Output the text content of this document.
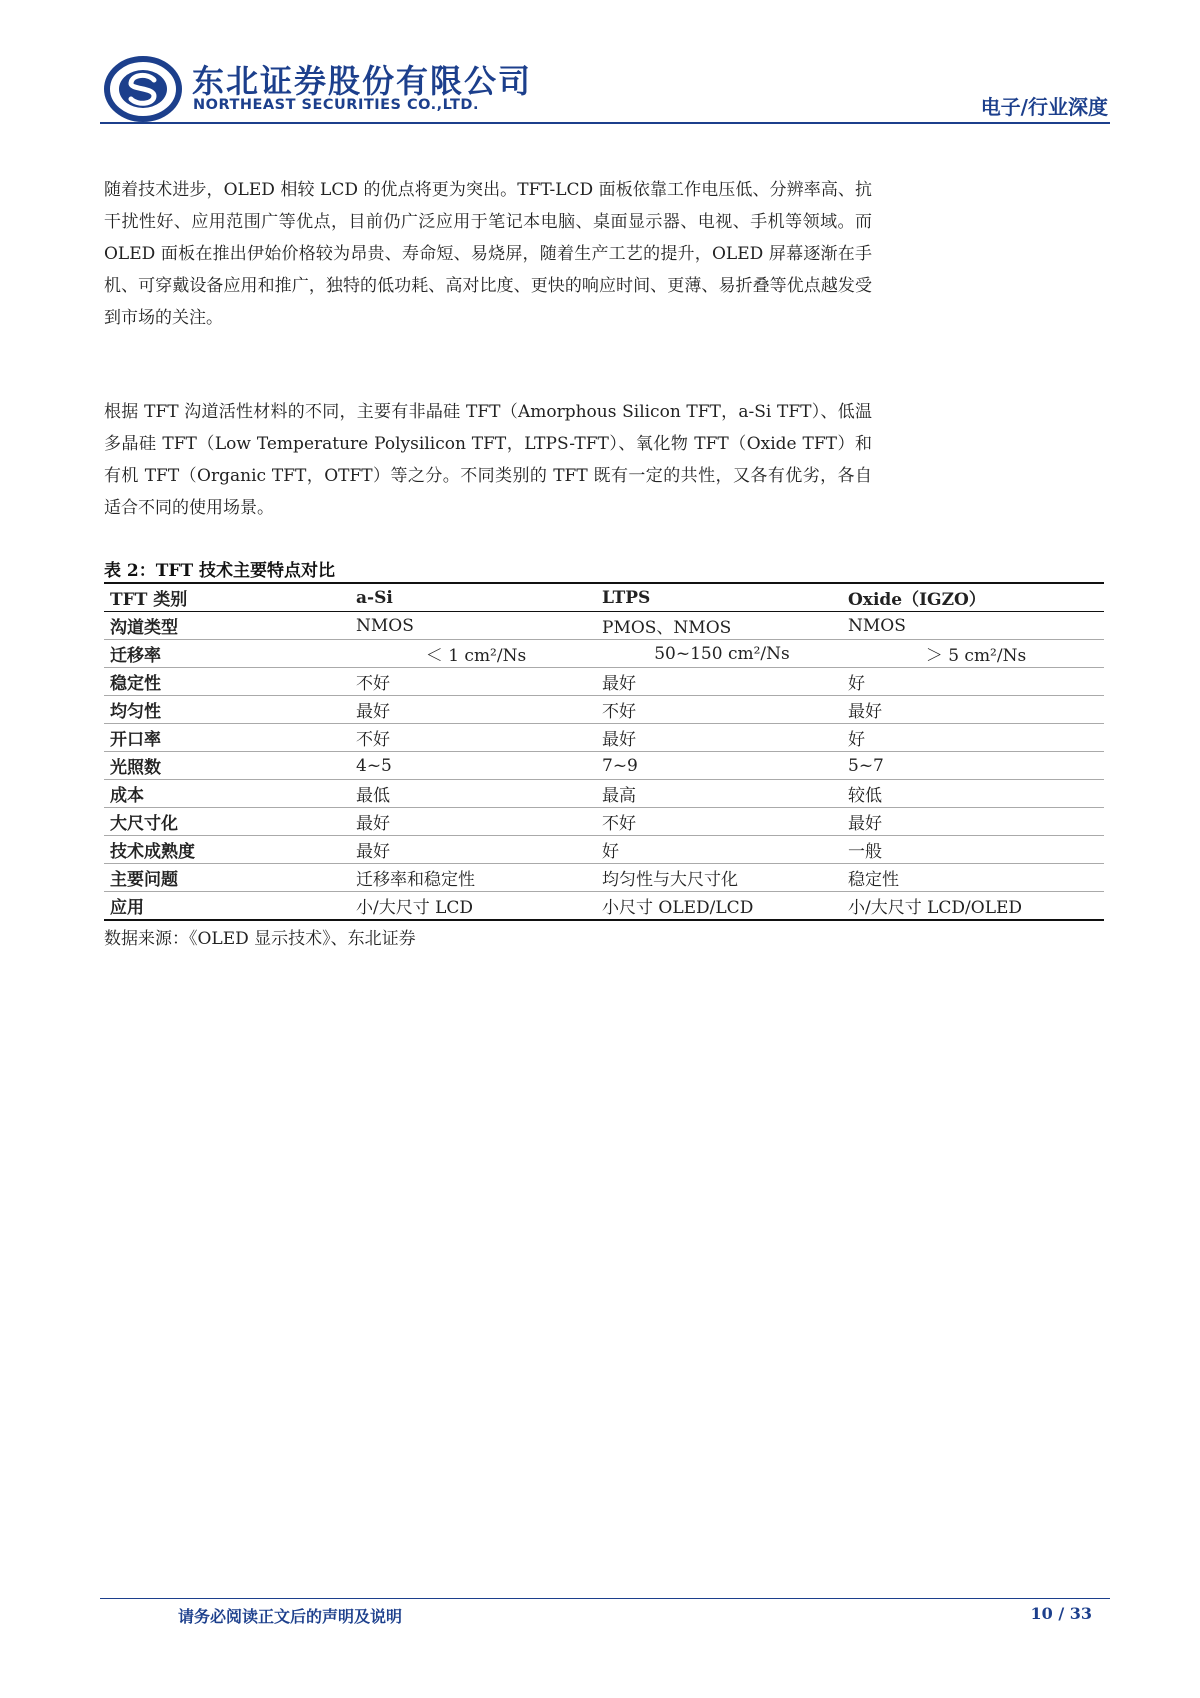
东北证券股份有限公司
NORTHEAST SECURITIES CO.,LTD.	电子/行业深度

随着技术进步，OLED 相较 LCD 的优点将更为突出。TFT-LCD 面板依靠工作电压低、分辨率高、抗干扰性好、应用范围广等优点，目前仍广泛应用于笔记本电脑、桌面显示器、电视、手机等领域。而 OLED 面板在推出伊始价格较为昂贵、寿命短、易烧屏，随着生产工艺的提升，OLED 屏幕逐渐在手机、可穿戴设备应用和推广，独特的低功耗、高对比度、更快的响应时间、更薄、易折叠等优点越发受到市场的关注。

根据 TFT 沟道活性材料的不同，主要有非晶硅 TFT（Amorphous Silicon TFT，a-Si TFT）、低温多晶硅 TFT（Low Temperature Polysilicon TFT，LTPS-TFT）、氧化物 TFT（Oxide TFT）和有机 TFT（Organic TFT，OTFT）等之分。不同类别的 TFT 既有一定的共性，又各有优劣，各自适合不同的使用场景。

表 2：TFT 技术主要特点对比
TFT 类别	a-Si	LTPS	Oxide（IGZO）
沟道类型	NMOS	PMOS、NMOS	NMOS
迁移率	＜ 1 cm²/Ns	50~150 cm²/Ns	＞ 5 cm²/Ns
稳定性	不好	最好	好
均匀性	最好	不好	最好
开口率	不好	最好	好
光照数	4~5	7~9	5~7
成本	最低	最高	较低
大尺寸化	最好	不好	最好
技术成熟度	最好	好	一般
主要问题	迁移率和稳定性	均匀性与大尺寸化	稳定性
应用	小/大尺寸 LCD	小尺寸 OLED/LCD	小/大尺寸 LCD/OLED
数据来源：《OLED 显示技术》、东北证券
请务必阅读正文后的声明及说明	10 / 33
